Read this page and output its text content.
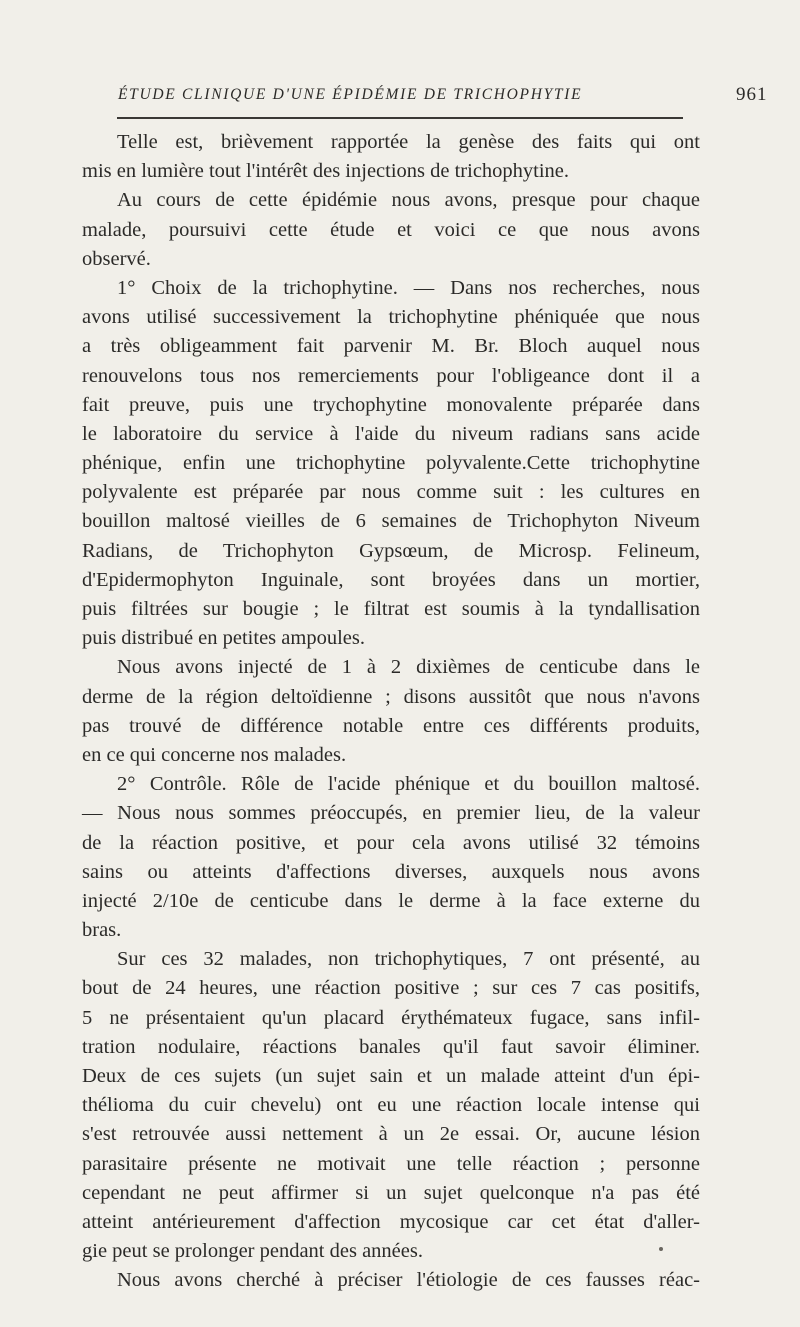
ÉTUDE CLINIQUE D'UNE ÉPIDÉMIE DE TRICHOPHYTIE	961
Telle est, brièvement rapportée la genèse des faits qui ont
mis en lumière tout l'intérêt des injections de trichophytine.
Au cours de cette épidémie nous avons, presque pour chaque
malade, poursuivi cette étude et voici ce que nous avons
observé.
1° Choix de la trichophytine. — Dans nos recherches, nous
avons utilisé successivement la trichophytine phéniquée que nous
a très obligeamment fait parvenir M. Br. Bloch auquel nous
renouvelons tous nos remerciements pour l'obligeance dont il a
fait preuve, puis une trychophytine monovalente préparée dans
le laboratoire du service à l'aide du niveum radians sans acide
phénique, enfin une trichophytine polyvalente.Cette trichophytine
polyvalente est préparée par nous comme suit : les cultures en
bouillon maltosé vieilles de 6 semaines de Trichophyton Niveum
Radians, de Trichophyton Gypsœum, de Microsp. Felineum,
d'Epidermophyton Inguinale, sont broyées dans un mortier,
puis filtrées sur bougie ; le filtrat est soumis à la tyndallisation
puis distribué en petites ampoules.
Nous avons injecté de 1 à 2 dixièmes de centicube dans le
derme de la région deltoïdienne ; disons aussitôt que nous n'avons
pas trouvé de différence notable entre ces différents produits,
en ce qui concerne nos malades.
2° Contrôle. Rôle de l'acide phénique et du bouillon maltosé.
— Nous nous sommes préoccupés, en premier lieu, de la valeur
de la réaction positive, et pour cela avons utilisé 32 témoins
sains ou atteints d'affections diverses, auxquels nous avons
injecté 2/10e de centicube dans le derme à la face externe du
bras.
Sur ces 32 malades, non trichophytiques, 7 ont présenté, au
bout de 24 heures, une réaction positive ; sur ces 7 cas positifs,
5 ne présentaient qu'un placard érythémateux fugace, sans infil-
tration nodulaire, réactions banales qu'il faut savoir éliminer.
Deux de ces sujets (un sujet sain et un malade atteint d'un épi-
thélioma du cuir chevelu) ont eu une réaction locale intense qui
s'est retrouvée aussi nettement à un 2e essai. Or, aucune lésion
parasitaire présente ne motivait une telle réaction ; personne
cependant ne peut affirmer si un sujet quelconque n'a pas été
atteint antérieurement d'affection mycosique car cet état d'aller-
gie peut se prolonger pendant des années.
Nous avons cherché à préciser l'étiologie de ces fausses réac-
